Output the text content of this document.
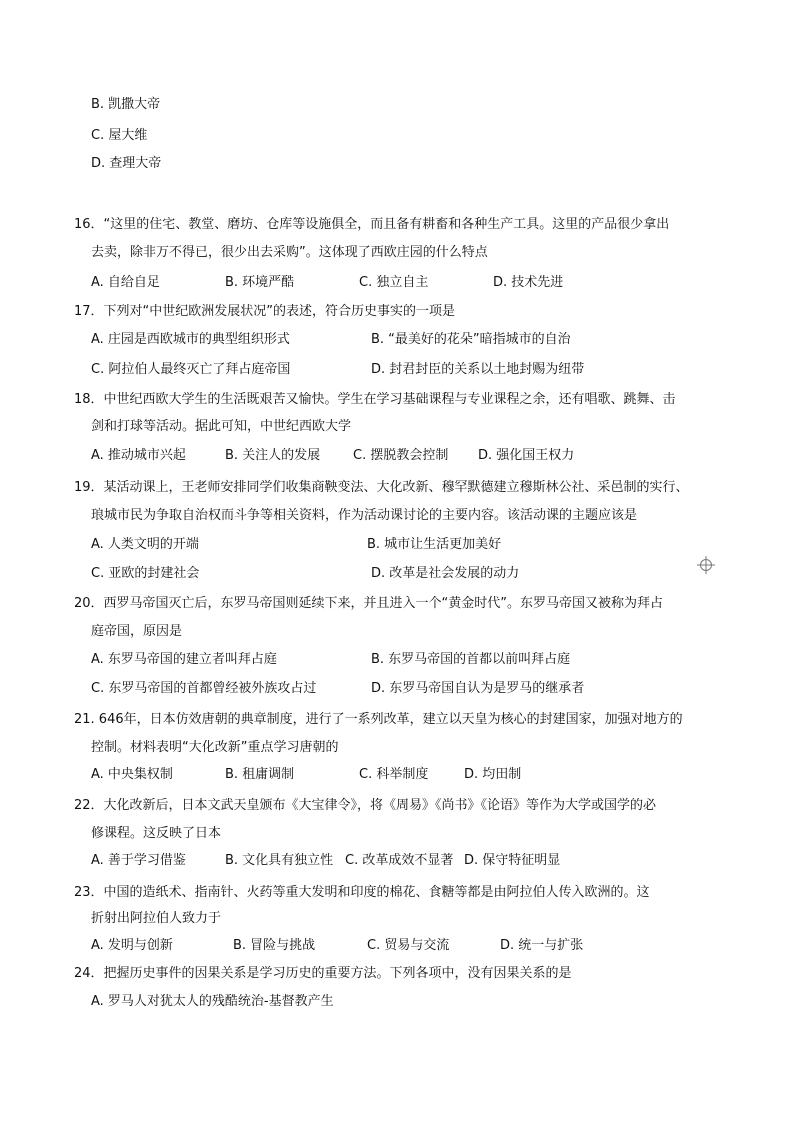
B. 凯撒大帝
C. 屋大维
D. 查理大帝
16．“这里的住宅、教堂、磨坊、仓库等设施俱全，而且备有耕畜和各种生产工具。这里的产品很少拿出
去卖，除非万不得已，很少出去采购”。这体现了西欧庄园的什么特点
A. 自给自足	B. 环境严酷	C. 独立自主	D. 技术先进
17．下列对“中世纪欧洲发展状况”的表述，符合历史事实的一项是
A. 庄园是西欧城市的典型组织形式	B. “最美好的花朵”暗指城市的自治
C. 阿拉伯人最终灭亡了拜占庭帝国	D. 封君封臣的关系以土地封赐为纽带
18．中世纪西欧大学生的生活既艰苦又愉快。学生在学习基础课程与专业课程之余，还有唱歌、跳舞、击
剑和打球等活动。据此可知，中世纪西欧大学
A. 推动城市兴起	B. 关注人的发展	C. 摆脱教会控制 D. 强化国王权力
19．某活动课上，王老师安排同学们收集商鞅变法、大化改新、穆罕默德建立穆斯林公社、采邑制的实行、
琅城市民为争取自治权而斗争等相关资料，作为活动课讨论的主要内容。该活动课的主题应该是
A. 人类文明的开端	B. 城市让生活更加美好
C. 亚欧的封建社会	D. 改革是社会发展的动力
20．西罗马帝国灭亡后，东罗马帝国则延续下来，并且进入一个“黄金时代”。东罗马帝国又被称为拜占
庭帝国，原因是
A. 东罗马帝国的建立者叫拜占庭	B. 东罗马帝国的首都以前叫拜占庭
C. 东罗马帝国的首都曾经被外族攻占过	D. 东罗马帝国自认为是罗马的继承者
21. 646年，日本仿效唐朝的典章制度，进行了一系列改革，建立以天皇为核心的封建国家，加强对地方的
控制。材料表明“大化改新”重点学习唐朝的
A. 中央集权制	B. 租庸调制	C. 科举制度	D. 均田制
22．大化改新后，日本文武天皇颁布《大宝律令》，将《周易》《尚书》《论语》等作为大学或国学的必
修课程。这反映了日本
A. 善于学习借鉴	B. 文化具有独立性 C. 改革成效不显著 D. 保守特征明显
23．中国的造纸术、指南针、火药等重大发明和印度的棉花、食糖等都是由阿拉伯人传入欧洲的。这
折射出阿拉伯人致力于
A. 发明与创新	B. 冒险与挑战	C. 贸易与交流	D. 统一与扩张
24．把握历史事件的因果关系是学习历史的重要方法。下列各项中，没有因果关系的是
A. 罗马人对犹太人的残酷统治-基督教产生
